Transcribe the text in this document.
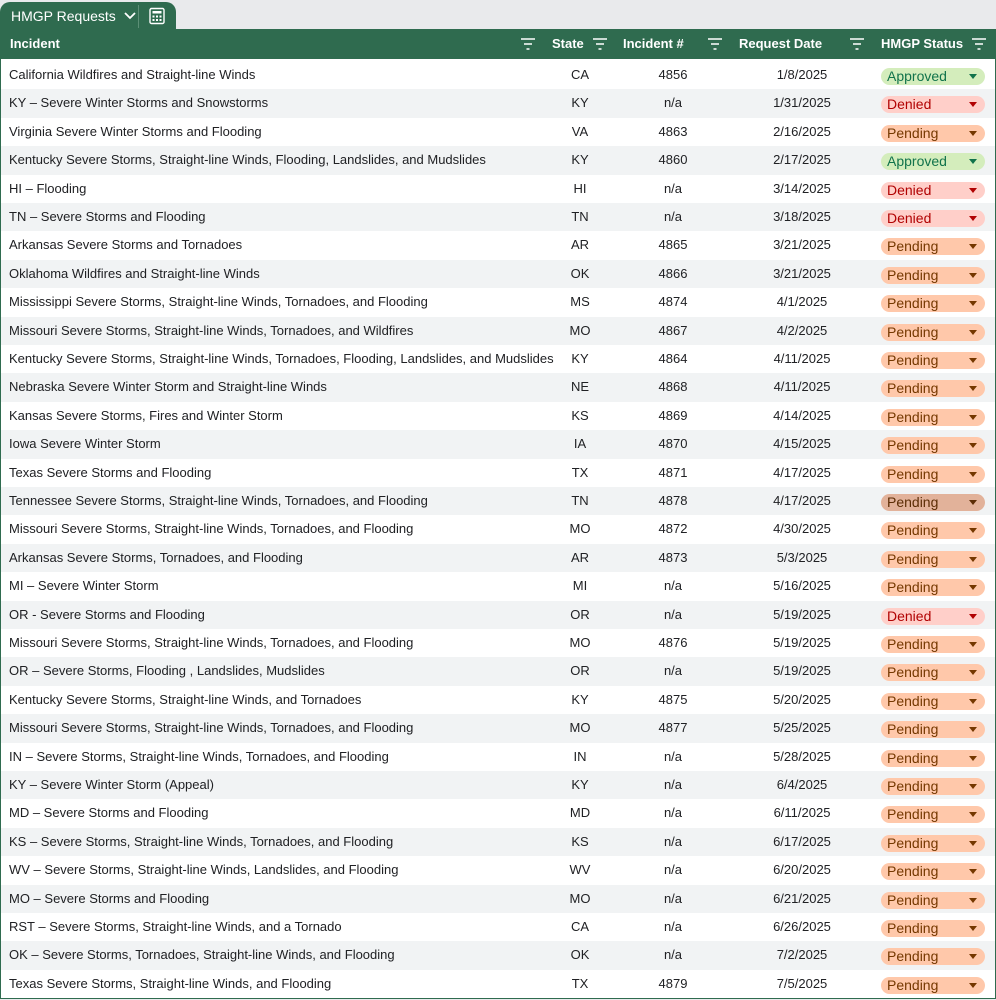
HMGP Requests
Incident	State	Incident #	Request Date	HMGP Status
California Wildfires and Straight-line Winds	CA	4856	1/8/2025	Approved
KY – Severe Winter Storms and Snowstorms	KY	n/a	1/31/2025	Denied
Virginia Severe Winter Storms and Flooding	VA	4863	2/16/2025	Pending
Kentucky Severe Storms, Straight-line Winds, Flooding, Landslides, and Mudslides	KY	4860	2/17/2025	Approved
HI – Flooding	HI	n/a	3/14/2025	Denied
TN – Severe Storms and Flooding	TN	n/a	3/18/2025	Denied
Arkansas Severe Storms and Tornadoes	AR	4865	3/21/2025	Pending
Oklahoma Wildfires and Straight-line Winds	OK	4866	3/21/2025	Pending
Mississippi Severe Storms, Straight-line Winds, Tornadoes, and Flooding	MS	4874	4/1/2025	Pending
Missouri Severe Storms, Straight-line Winds, Tornadoes, and Wildfires	MO	4867	4/2/2025	Pending
Kentucky Severe Storms, Straight-line Winds, Tornadoes, Flooding, Landslides, and Mudslides	KY	4864	4/11/2025	Pending
Nebraska Severe Winter Storm and Straight-line Winds	NE	4868	4/11/2025	Pending
Kansas Severe Storms, Fires and Winter Storm	KS	4869	4/14/2025	Pending
Iowa Severe Winter Storm	IA	4870	4/15/2025	Pending
Texas Severe Storms and Flooding	TX	4871	4/17/2025	Pending
Tennessee Severe Storms, Straight-line Winds, Tornadoes, and Flooding	TN	4878	4/17/2025	Pending
Missouri Severe Storms, Straight-line Winds, Tornadoes, and Flooding	MO	4872	4/30/2025	Pending
Arkansas Severe Storms, Tornadoes, and Flooding	AR	4873	5/3/2025	Pending
MI – Severe Winter Storm	MI	n/a	5/16/2025	Pending
OR - Severe Storms and Flooding	OR	n/a	5/19/2025	Denied
Missouri Severe Storms, Straight-line Winds, Tornadoes, and Flooding	MO	4876	5/19/2025	Pending
OR – Severe Storms, Flooding , Landslides, Mudslides	OR	n/a	5/19/2025	Pending
Kentucky Severe Storms, Straight-line Winds, and Tornadoes	KY	4875	5/20/2025	Pending
Missouri Severe Storms, Straight-line Winds, Tornadoes, and Flooding	MO	4877	5/25/2025	Pending
IN – Severe Storms, Straight-line Winds, Tornadoes, and Flooding	IN	n/a	5/28/2025	Pending
KY – Severe Winter Storm (Appeal)	KY	n/a	6/4/2025	Pending
MD – Severe Storms and Flooding	MD	n/a	6/11/2025	Pending
KS – Severe Storms, Straight-line Winds, Tornadoes, and Flooding	KS	n/a	6/17/2025	Pending
WV – Severe Storms, Straight-line Winds, Landslides, and Flooding	WV	n/a	6/20/2025	Pending
MO – Severe Storms and Flooding	MO	n/a	6/21/2025	Pending
RST – Severe Storms, Straight-line Winds, and a Tornado	CA	n/a	6/26/2025	Pending
OK – Severe Storms, Tornadoes, Straight-line Winds, and Flooding	OK	n/a	7/2/2025	Pending
Texas Severe Storms, Straight-line Winds, and Flooding	TX	4879	7/5/2025	Pending
